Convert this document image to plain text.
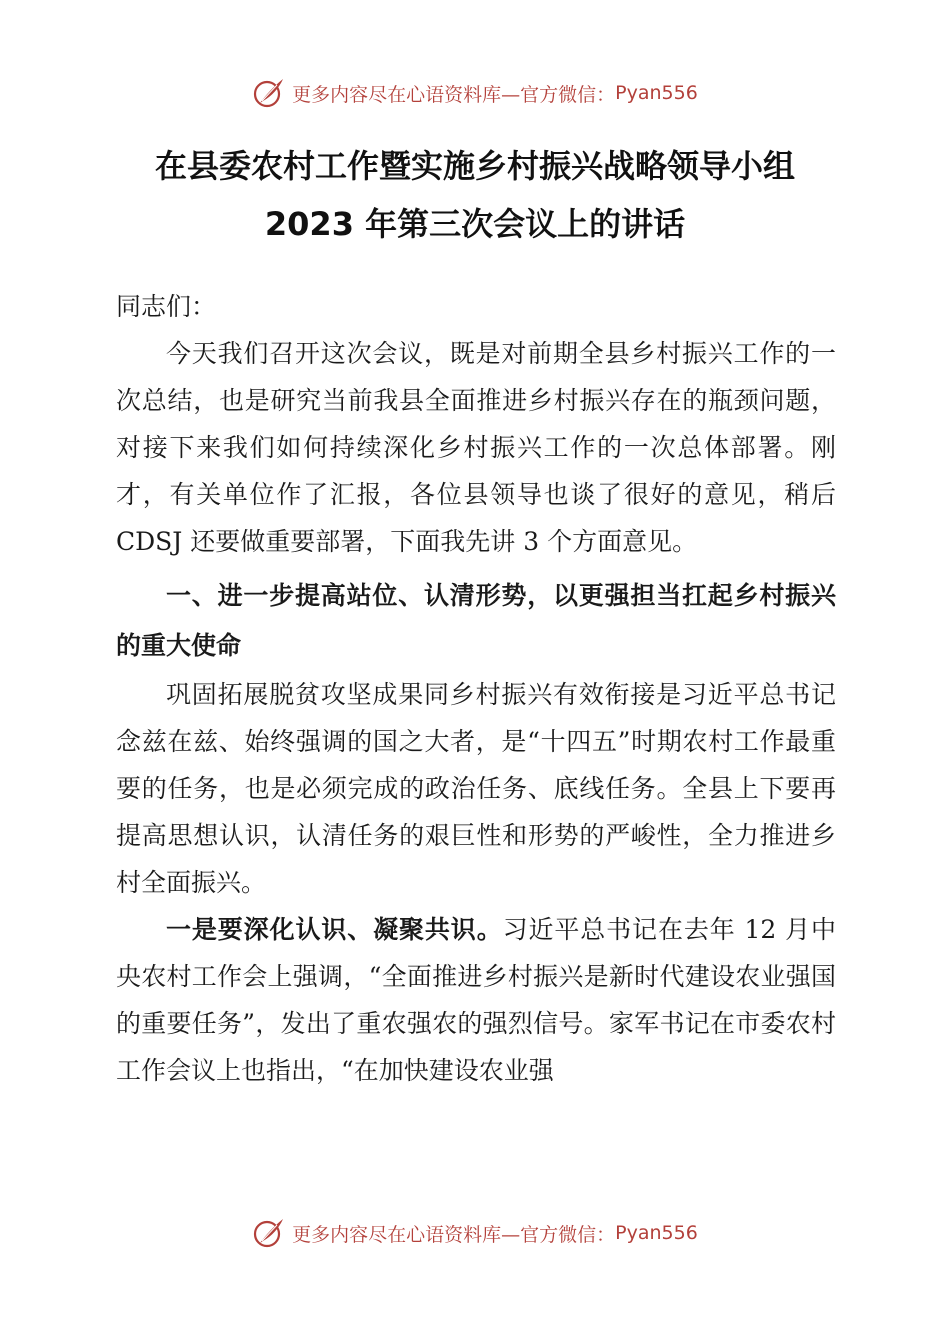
更多内容尽在心语资料库—官方微信： Pyan556
在县委农村工作暨实施乡村振兴战略领导小组
2023 年第三次会议上的讲话

同志们：

今天我们召开这次会议，既是对前期全县乡村振兴工作的一次总结，也是研究当前我县全面推进乡村振兴存在的瓶颈问题，对接下来我们如何持续深化乡村振兴工作的一次总体部署。刚才，有关单位作了汇报，各位县领导也谈了很好的意见，稍后 CDSJ 还要做重要部署，下面我先讲 3 个方面意见。

一、进一步提高站位、认清形势，以更强担当扛起乡村振兴的重大使命

巩固拓展脱贫攻坚成果同乡村振兴有效衔接是习近平总书记念兹在兹、始终强调的国之大者，是“十四五”时期农村工作最重要的任务，也是必须完成的政治任务、底线任务。全县上下要再提高思想认识，认清任务的艰巨性和形势的严峻性，全力推进乡村全面振兴。

一是要深化认识、凝聚共识。习近平总书记在去年 12 月中央农村工作会上强调，“全面推进乡村振兴是新时代建设农业强国的重要任务”，发出了重农强农的强烈信号。家军书记在市委农村工作会议上也指出，“在加快建设农业强

更多内容尽在心语资料库—官方微信： Pyan556
